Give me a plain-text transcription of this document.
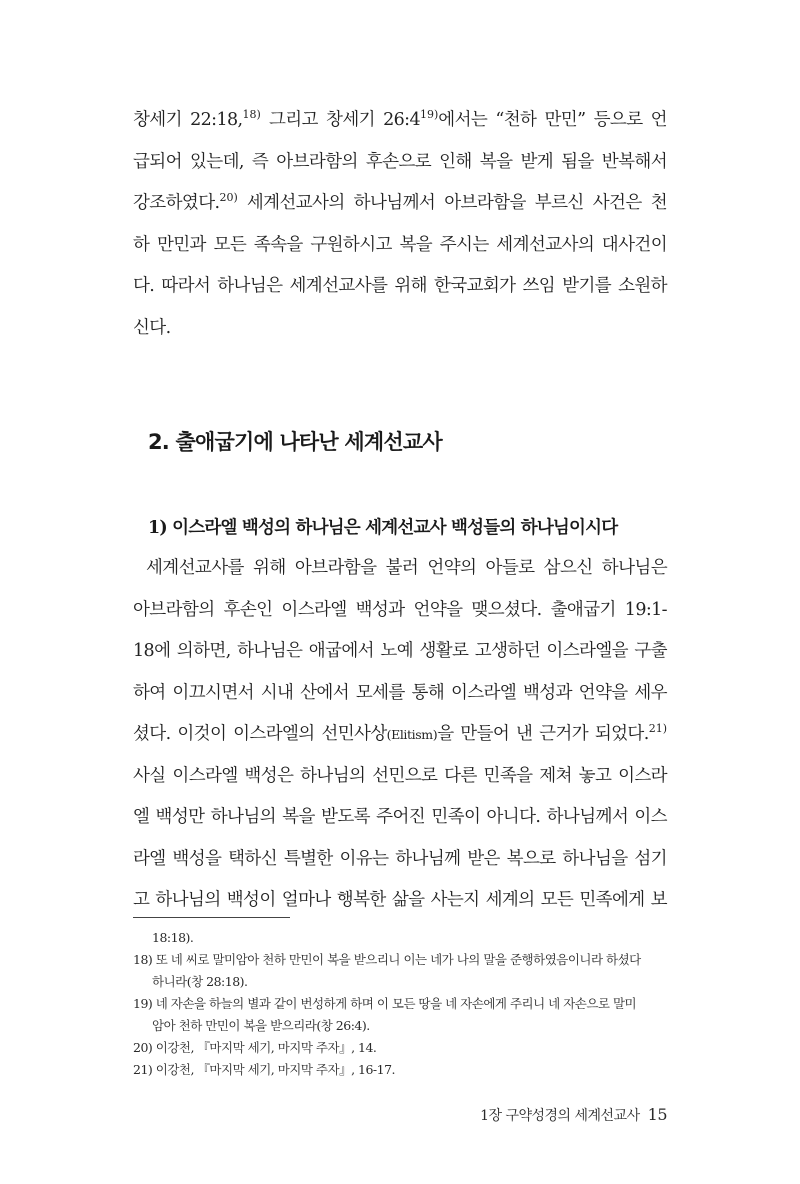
창세기 22:18,$^{18)}$ 그리고 창세기 26:4$^{19)}$에서는 “천하 만민” 등으로 언
급되어 있는데, 즉 아브라함의 후손으로 인해 복을 받게 됨을 반복해서
강조하였다.$^{20)}$ 세계선교사의 하나님께서 아브라함을 부르신 사건은 천
하 만민과 모든 족속을 구원하시고 복을 주시는 세계선교사의 대사건이
다. 따라서 하나님은 세계선교사를 위해 한국교회가 쓰임 받기를 소원하
신다.
2. 출애굽기에 나타난 세계선교사
1) 이스라엘 백성의 하나님은 세계선교사 백성들의 하나님이시다
세계선교사를 위해 아브라함을 불러 언약의 아들로 삼으신 하나님은
아브라함의 후손인 이스라엘 백성과 언약을 맺으셨다. 출애굽기 19:1-
18에 의하면, 하나님은 애굽에서 노예 생활로 고생하던 이스라엘을 구출
하여 이끄시면서 시내 산에서 모세를 통해 이스라엘 백성과 언약을 세우
셨다. 이것이 이스라엘의 선민사상(Elitism)을 만들어 낸 근거가 되었다.$^{21)}$
사실 이스라엘 백성은 하나님의 선민으로 다른 민족을 제쳐 놓고 이스라
엘 백성만 하나님의 복을 받도록 주어진 민족이 아니다. 하나님께서 이스
라엘 백성을 택하신 특별한 이유는 하나님께 받은 복으로 하나님을 섬기
고 하나님의 백성이 얼마나 행복한 삶을 사는지 세계의 모든 민족에게 보
18:18).
18) 또 네 씨로 말미암아 천하 만민이 복을 받으리니 이는 네가 나의 말을 준행하였음이니라 하셨다
하니라(창 28:18).
19) 네 자손을 하늘의 별과 같이 번성하게 하며 이 모든 땅을 네 자손에게 주리니 네 자손으로 말미
암아 천하 만민이 복을 받으리라(창 26:4).
20) 이강천, 『마지막 세기, 마지막 주자』, 14.
21) 이강천, 『마지막 세기, 마지막 주자』, 16-17.
1장 구약성경의 세계선교사 15
